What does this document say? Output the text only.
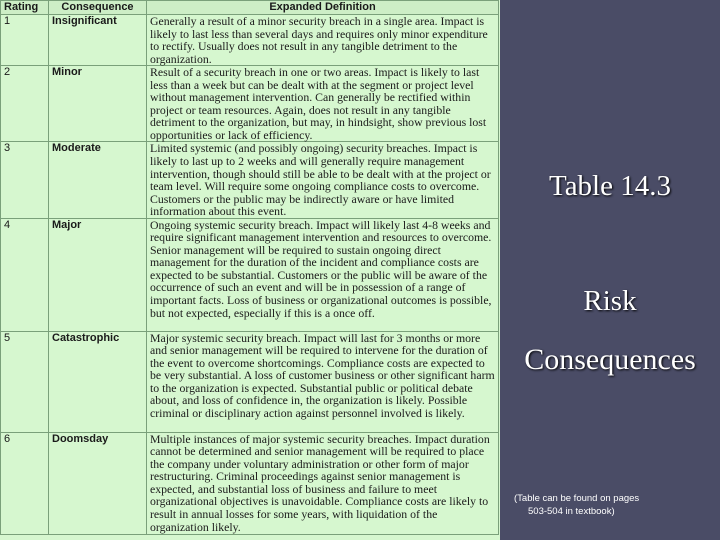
Rating	Consequence	Expanded Definition
1	Insignificant	Generally a result of a minor security breach in a single area. Impact is likely to last less than several days and requires only minor expenditure to rectify. Usually does not result in any tangible detriment to the organization.
2	Minor	Result of a security breach in one or two areas. Impact is likely to last less than a week but can be dealt with at the segment or project level without management intervention. Can generally be rectified within project or team resources. Again, does not result in any tangible detriment to the organization, but may, in hindsight, show previous lost opportunities or lack of efficiency.
3	Moderate	Limited systemic (and possibly ongoing) security breaches. Impact is likely to last up to 2 weeks and will generally require management intervention, though should still be able to be dealt with at the project or team level. Will require some ongoing compliance costs to overcome. Customers or the public may be indirectly aware or have limited information about this event.
4	Major	Ongoing systemic security breach. Impact will likely last 4-8 weeks and require significant management intervention and resources to overcome. Senior management will be required to sustain ongoing direct management for the duration of the incident and compliance costs are expected to be substantial. Customers or the public will be aware of the occurrence of such an event and will be in possession of a range of important facts. Loss of business or organizational outcomes is possible, but not expected, especially if this is a once off.
5	Catastrophic	Major systemic security breach. Impact will last for 3 months or more and senior management will be required to intervene for the duration of the event to overcome shortcomings. Compliance costs are expected to be very substantial. A loss of customer business or other significant harm to the organization is expected. Substantial public or political debate about, and loss of confidence in, the organization is likely. Possible criminal or disciplinary action against personnel involved is likely.
6	Doomsday	Multiple instances of major systemic security breaches. Impact duration cannot be determined and senior management will be required to place the company under voluntary administration or other form of major restructuring. Criminal proceedings against senior management is expected, and substantial loss of business and failure to meet organizational objectives is unavoidable. Compliance costs are likely to result in annual losses for some years, with liquidation of the organization likely.
Table 14.3
Risk
Consequences
(Table can be found on pages
503-504 in textbook)
